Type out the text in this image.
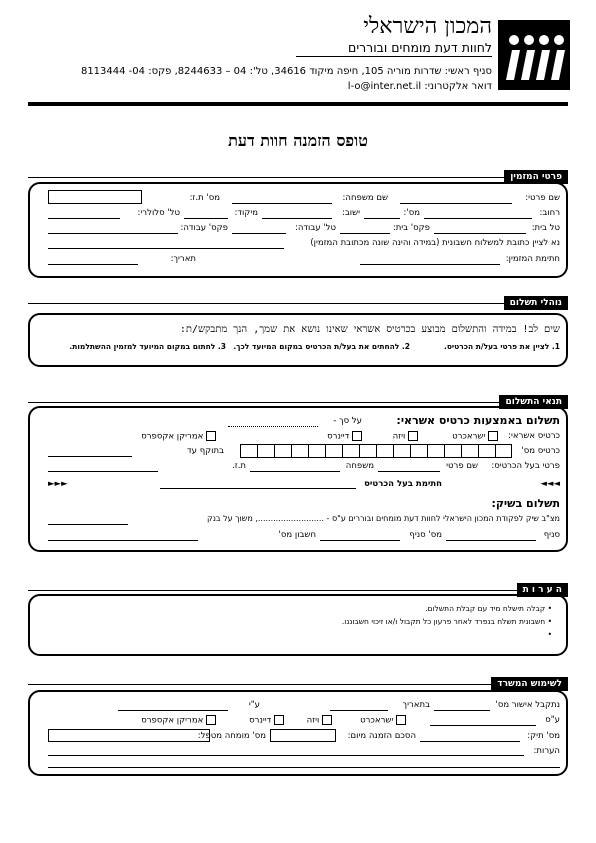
המכון הישראלי
לחוות דעת מומחים ובוררים
סניף ראשי: שדרות מוריה 105, חיפה מיקוד 34616, טל': 04 – 8244633, פקס: 04- 8113444
דואר אלקטרוני: l-o@inter.net.il
טופס הזמנה חוות דעת
פרטי המזמין
שם פרטי:
שם משפחה:
מס' ת.ז:
רחוב:
מס':
ישוב:
מיקוד:
טל' סלולרי:
טל בית:
פקס' בית:
טל' עבודה:
פקס' עבודה:
נא לציין כתובת למשלוח חשבונית (במידה והינה שונה מכתובת המזמין)
חתימת המזמין:
תאריך:
נוהלי תשלום
שים לב! במידה והתשלום מבוצע בכרטיס אשראי שאינו נושא את שמך, הנך מתבקש/ת:
1. לציין את פרטי בעל/ת הכרטיס.
2. להחתים את בעל/ת הכרטיס במקום המיועד לכך.
3. לחתום במקום המיועד למזמין ההשתלמות.
תנאי התשלום
תשלום באמצעות כרטיס אשראי:
על סך -
כרטיס אשראי:
ישראכרט
ויזה
דיינרס
אמריקן אקספרס
כרטיס מס'
בתוקף עד
פרטי בעל הכרטיס:
שם פרטי
משפחה
ת.ז.
◄◄◄
חתימת בעל הכרטיס
►►►
תשלום בשיק:
מצ"ב שיק לפקודת המכון הישראלי לחוות דעת מומחים ובוררים ע"ס - .........................., משוך על בנק
סניף
מס' סניף
חשבון מס'
ה ע ר ו ת
• קבלה תישלח מיד עם קבלת התשלום.
• חשבונית תשלח בנפרד לאחר פרעון כל תקבול ו/או זיכוי חשבוננו.
•
לשימוש המשרד
נתקבל אישור מס'
בתאריך
ע"י
ע"ס
ישראכרט
ויזה
דיינרס
אמריקן אקספרס
מס' תיק:
הסכם הזמנה מיום:
מס' מומחה מטפל:
הערות:
